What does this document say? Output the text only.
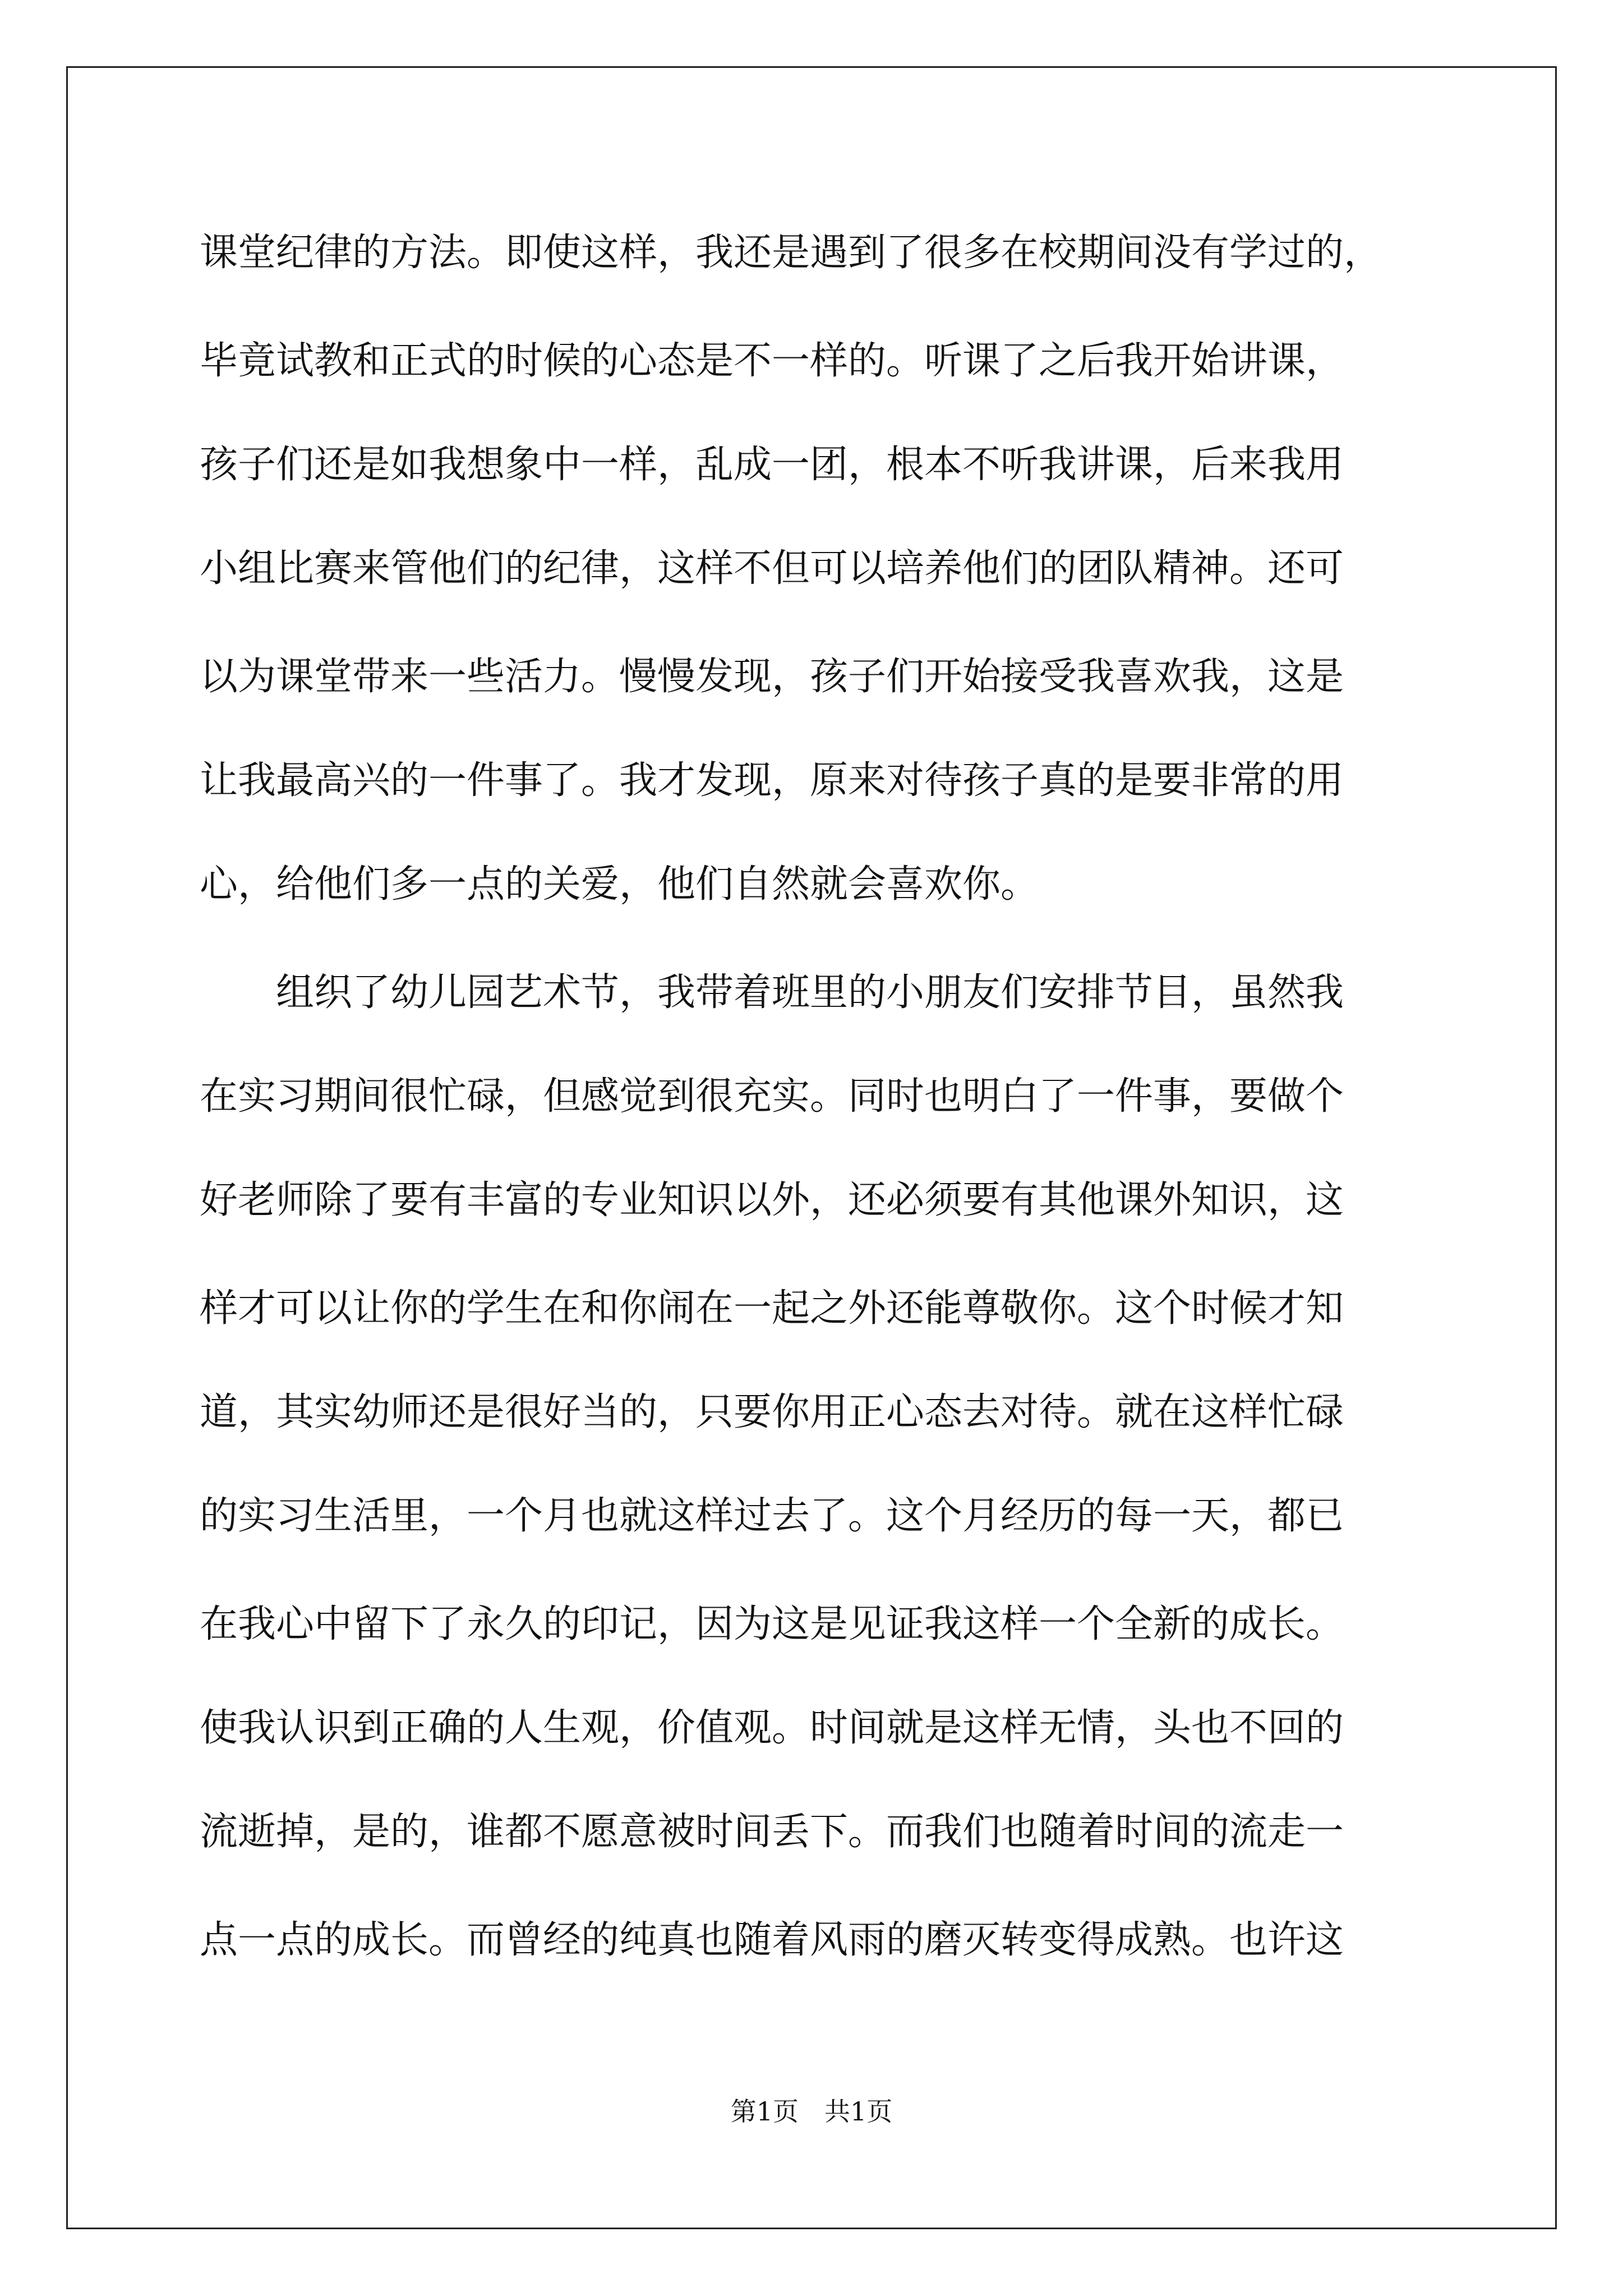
课堂纪律的方法。即使这样，我还是遇到了很多在校期间没有学过的，
毕竟试教和正式的时候的心态是不一样的。听课了之后我开始讲课，
孩子们还是如我想象中一样，乱成一团，根本不听我讲课，后来我用
小组比赛来管他们的纪律，这样不但可以培养他们的团队精神。还可
以为课堂带来一些活力。慢慢发现，孩子们开始接受我喜欢我，这是
让我最高兴的一件事了。我才发现，原来对待孩子真的是要非常的用
心，给他们多一点的关爱，他们自然就会喜欢你。
　　组织了幼儿园艺术节，我带着班里的小朋友们安排节目，虽然我
在实习期间很忙碌，但感觉到很充实。同时也明白了一件事，要做个
好老师除了要有丰富的专业知识以外，还必须要有其他课外知识，这
样才可以让你的学生在和你闹在一起之外还能尊敬你。这个时候才知
道，其实幼师还是很好当的，只要你用正心态去对待。就在这样忙碌
的实习生活里，一个月也就这样过去了。这个月经历的每一天，都已
在我心中留下了永久的印记，因为这是见证我这样一个全新的成长。
使我认识到正确的人生观，价值观。时间就是这样无情，头也不回的
流逝掉，是的，谁都不愿意被时间丢下。而我们也随着时间的流走一
点一点的成长。而曾经的纯真也随着风雨的磨灭转变得成熟。也许这
第1页　共1页
